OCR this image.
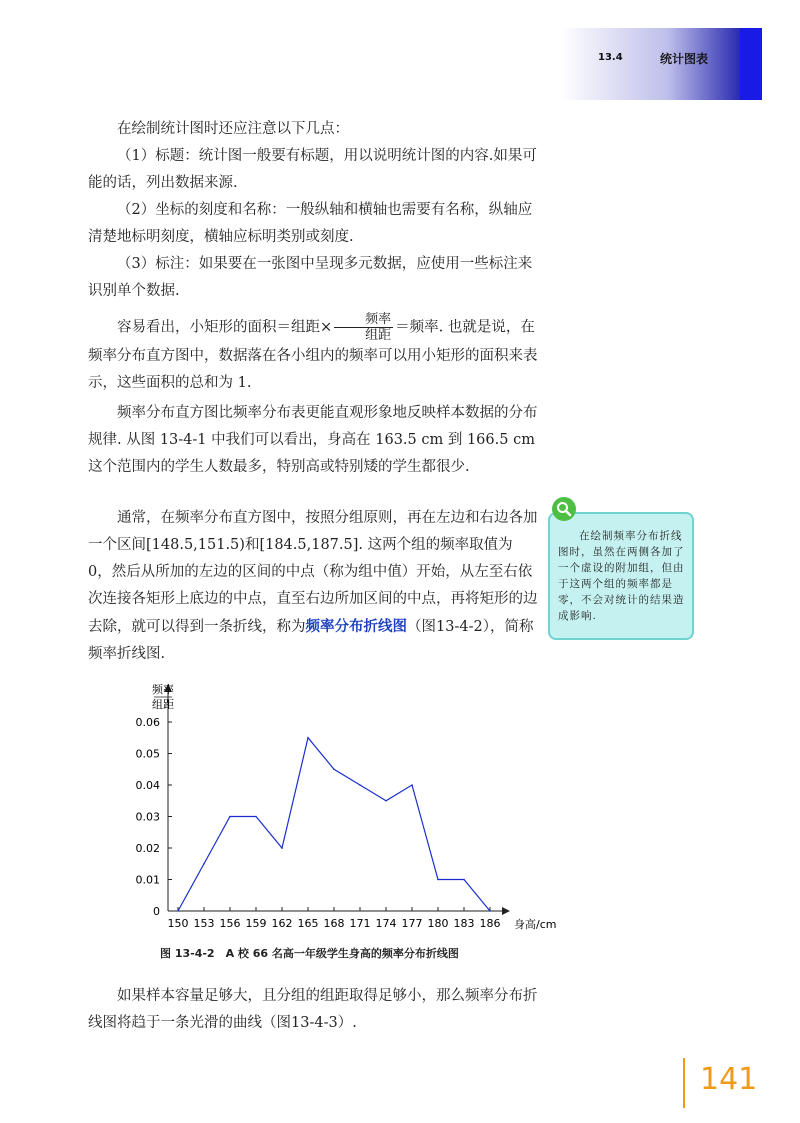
13.4	统计图表

在绘制统计图时还应注意以下几点：

（1）标题：统计图一般要有标题，用以说明统计图的内容.如果可能的话，列出数据来源.

（2）坐标的刻度和名称：一般纵轴和横轴也需要有名称，纵轴应清楚地标明刻度，横轴应标明类别或刻度.

（3）标注：如果要在一张图中呈现多元数据，应使用一些标注来识别单个数据.

容易看出，小矩形的面积＝组距× $\frac{\text{频率}}{\text{组距}}$ ＝频率. 也就是说，在频率分布直方图中，数据落在各小组内的频率可以用小矩形的面积来表示，这些面积的总和为 1.

频率分布直方图比频率分布表更能直观形象地反映样本数据的分布规律. 从图 13-4-1 中我们可以看出，身高在 163.5 cm 到 166.5 cm 这个范围内的学生人数最多，特别高或特别矮的学生都很少.

通常，在频率分布直方图中，按照分组原则，再在左边和右边各加一个区间[148.5,151.5)和[184.5,187.5]. 这两个组的频率取值为 0，然后从所加的左边的区间的中点（称为组中值）开始，从左至右依次连接各矩形上底边的中点，直至右边所加区间的中点，再将矩形的边去除，就可以得到一条折线，称为频率分布折线图（图13-4-2），简称频率折线图.

在绘制频率分布折线图时，虽然在两侧各加了一个虚设的附加组，但由于这两个组的频率都是零，不会对统计的结果造成影响.

0
0.01
0.02
0.03
0.04
0.05
0.06
150 153 156 159 162 165 168 171 174 177 180 183 186
频率
组距
身高/cm
图 13-4-2　A 校 66 名高一年级学生身高的频率分布折线图

如果样本容量足够大，且分组的组距取得足够小，那么频率分布折线图将趋于一条光滑的曲线（图13-4-3）.

141
